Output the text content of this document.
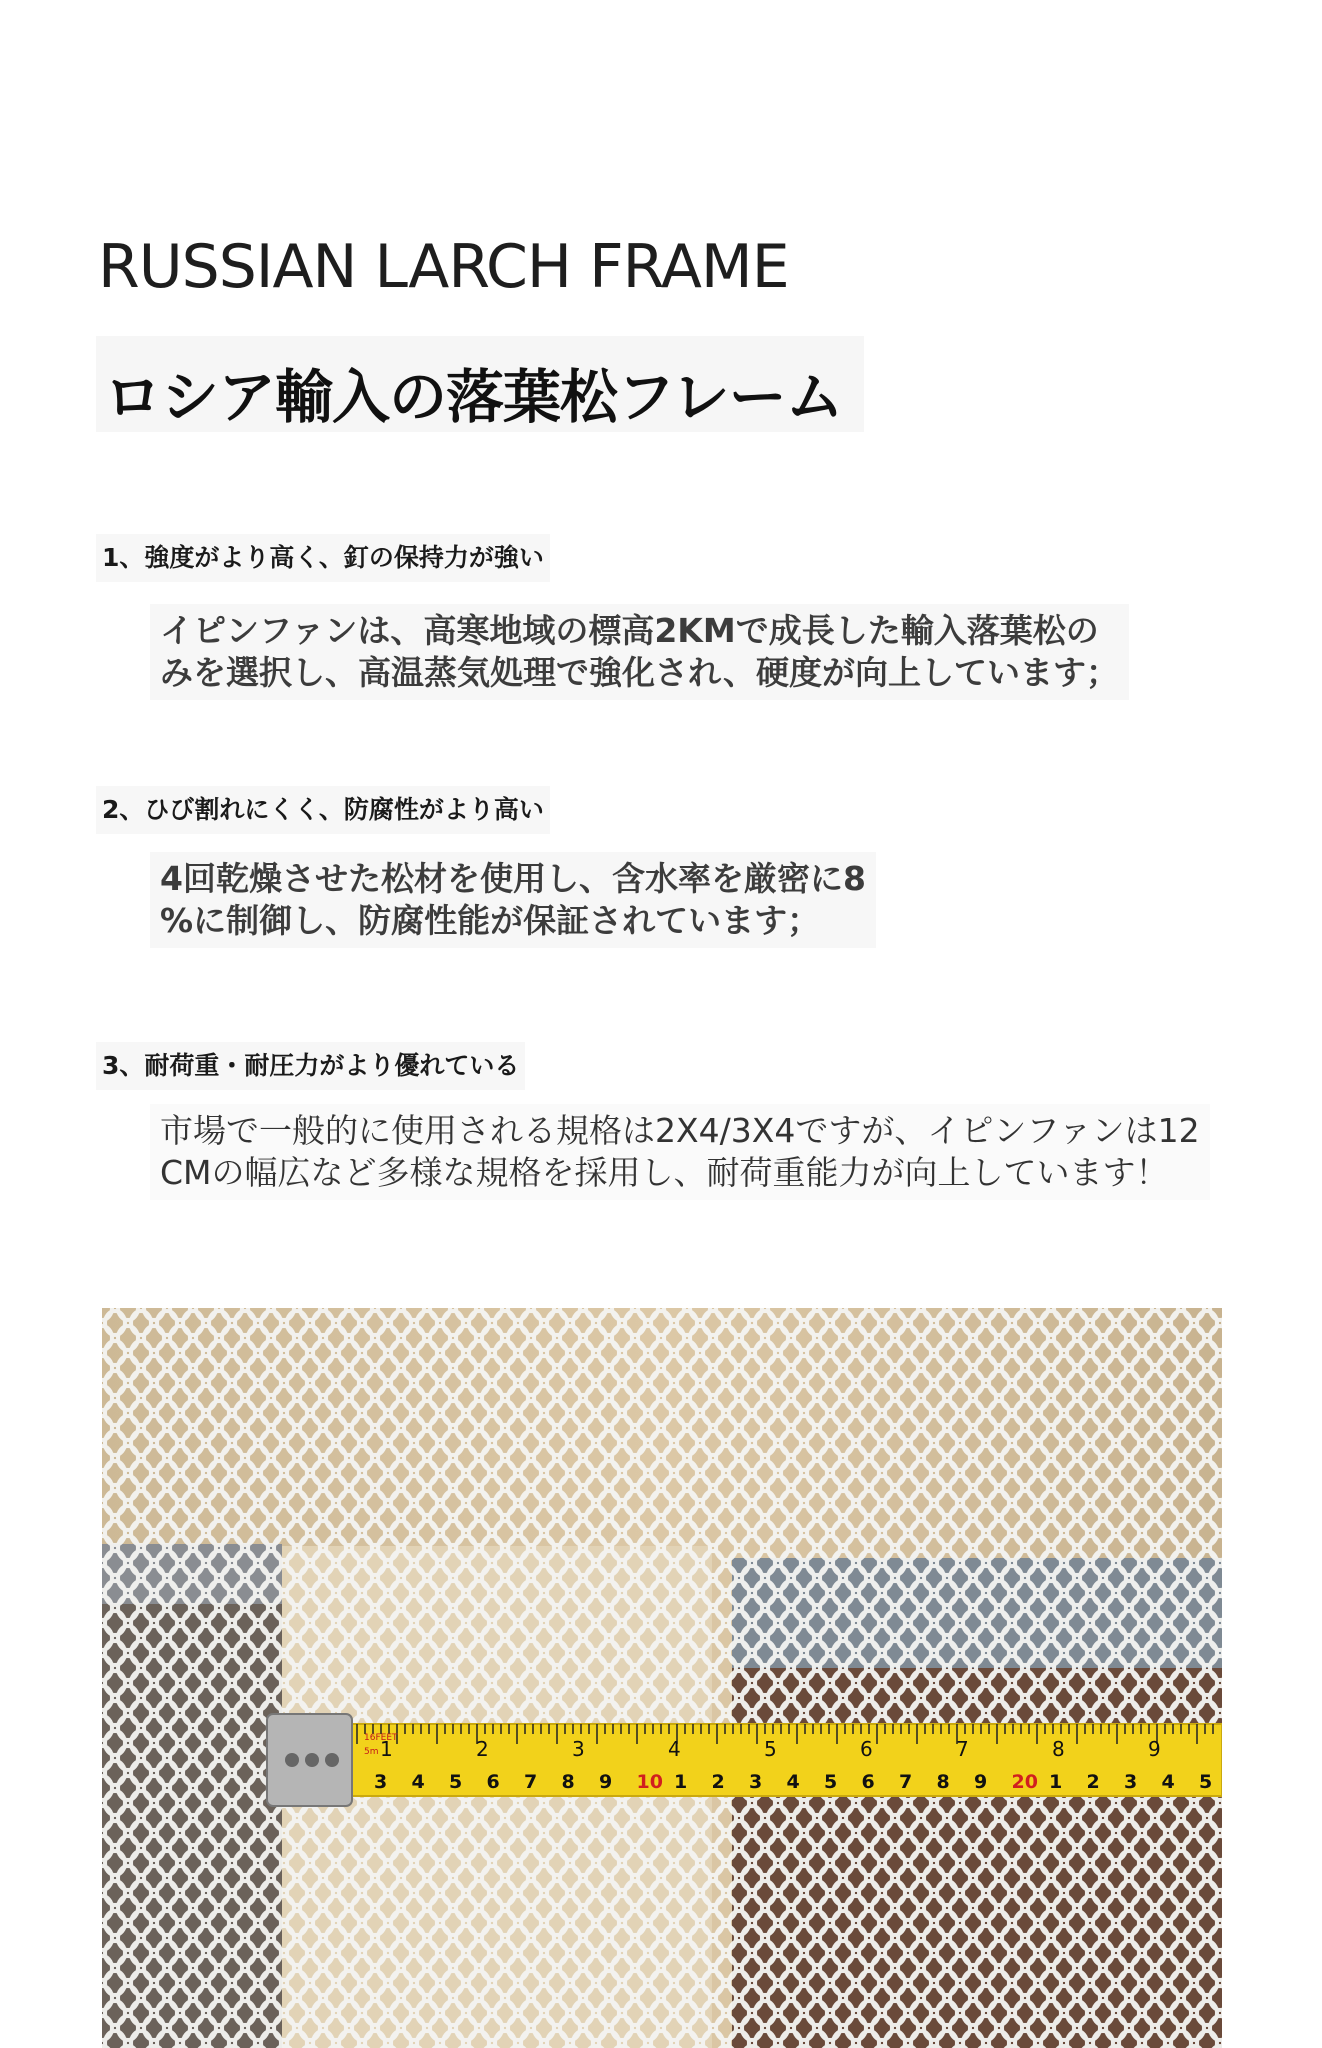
RUSSIAN LARCH FRAME
ロシア輸入の落葉松フレーム
1、強度がより高く、釘の保持力が強い
イピンファンは、高寒地域の標高2KMで成長した輸入落葉松の
みを選択し、高温蒸気処理で強化され、硬度が向上しています；
2、ひび割れにくく、防腐性がより高い
4回乾燥させた松材を使用し、含水率を厳密に8
%に制御し、防腐性能が保証されています；
3、耐荷重・耐圧力がより優れている
市場で一般的に使用される規格は2X4/3X4ですが、イピンファンは12
CMの幅広など多様な規格を採用し、耐荷重能力が向上しています！
16FEET
5m 1	2	3	4	5	6	7	8	9
3 4 5 6 7 8 9 10 1 2 3 4 5 6 7 8 9 20 1 2 3 4 5
